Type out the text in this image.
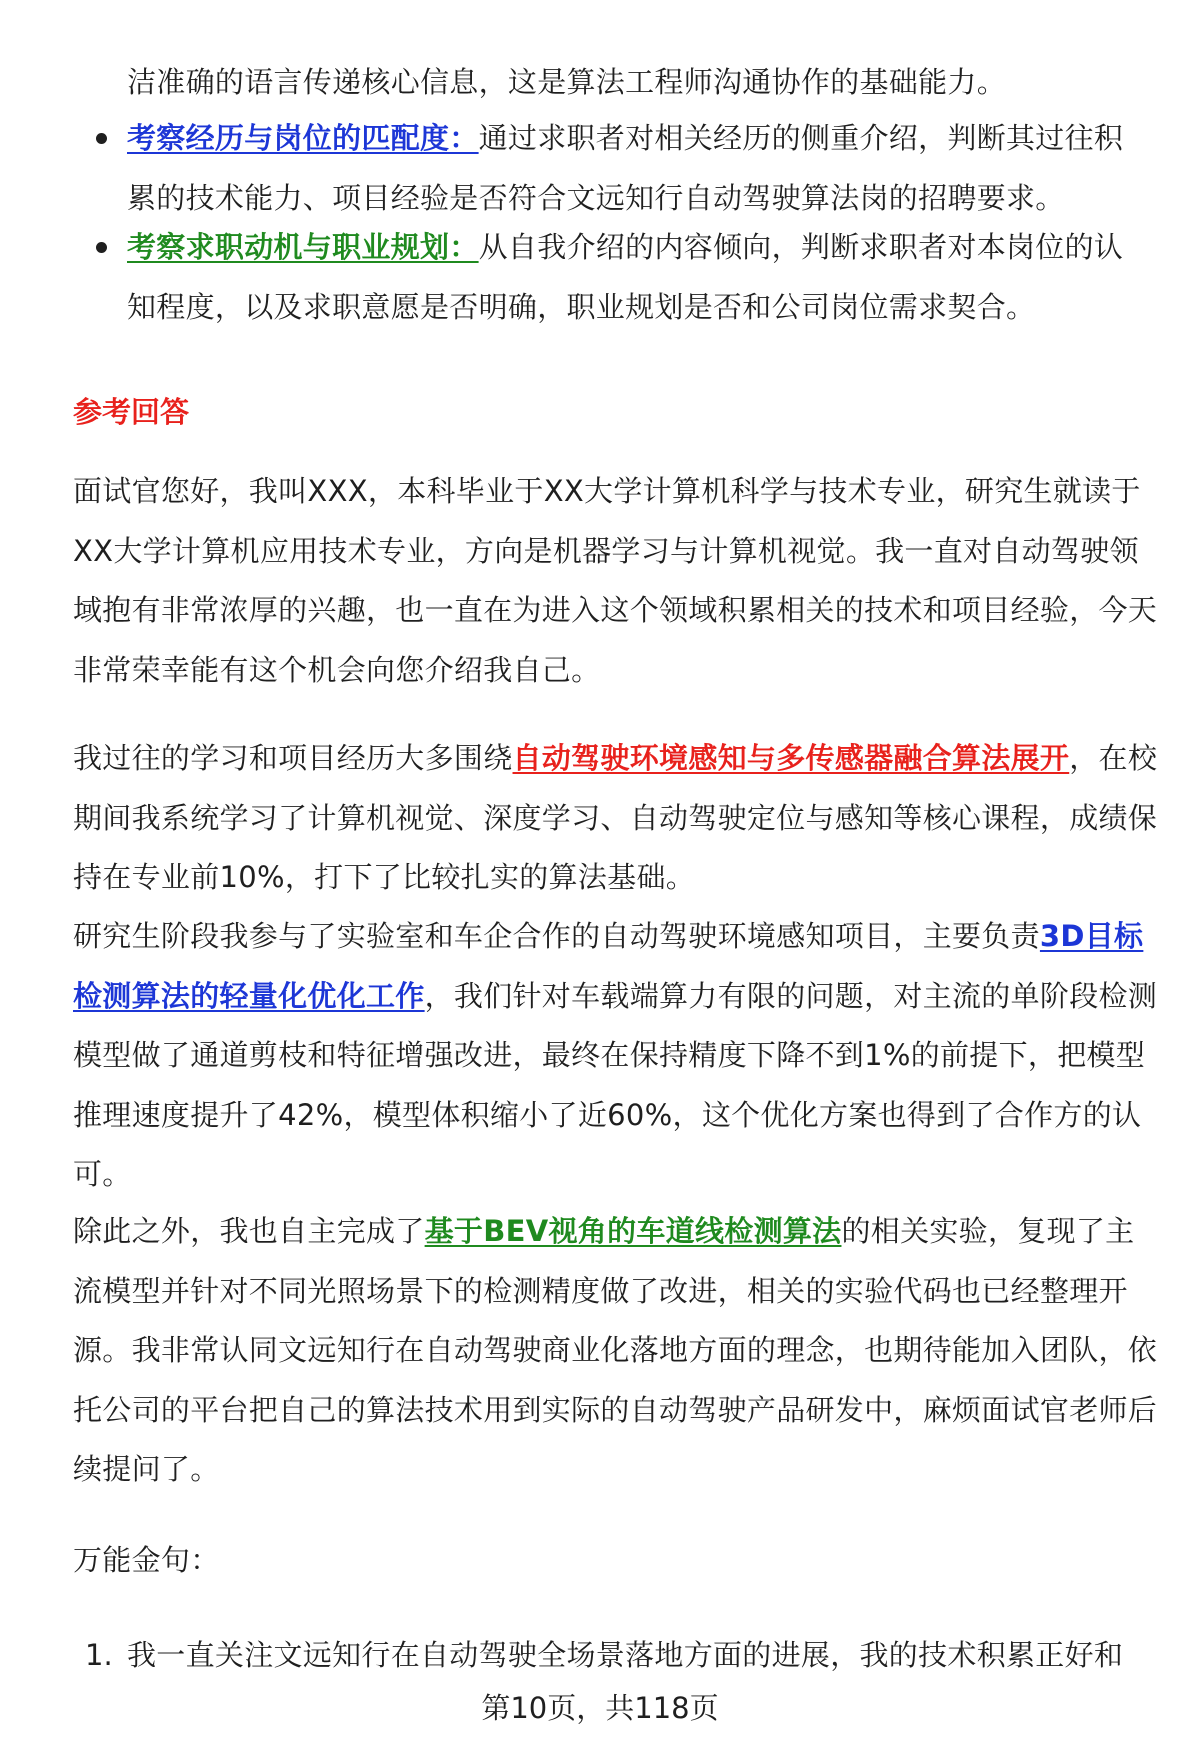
洁准确的语言传递核心信息，这是算法工程师沟通协作的基础能力。

考察经历与岗位的匹配度：通过求职者对相关经历的侧重介绍，判断其过往积累的技术能力、项目经验是否符合文远知行自动驾驶算法岗的招聘要求。
考察求职动机与职业规划：从自我介绍的内容倾向，判断求职者对本岗位的认知程度，以及求职意愿是否明确，职业规划是否和公司岗位需求契合。
参考回答

面试官您好，我叫XXX，本科毕业于XX大学计算机科学与技术专业，研究生就读于XX大学计算机应用技术专业，方向是机器学习与计算机视觉。我一直对自动驾驶领域抱有非常浓厚的兴趣，也一直在为进入这个领域积累相关的技术和项目经验，今天非常荣幸能有这个机会向您介绍我自己。

我过往的学习和项目经历大多围绕自动驾驶环境感知与多传感器融合算法展开，在校期间我系统学习了计算机视觉、深度学习、自动驾驶定位与感知等核心课程，成绩保持在专业前10%，打下了比较扎实的算法基础。

研究生阶段我参与了实验室和车企合作的自动驾驶环境感知项目，主要负责3D目标检测算法的轻量化优化工作，我们针对车载端算力有限的问题，对主流的单阶段检测模型做了通道剪枝和特征增强改进，最终在保持精度下降不到1%的前提下，把模型推理速度提升了42%，模型体积缩小了近60%，这个优化方案也得到了合作方的认可。

除此之外，我也自主完成了基于BEV视角的车道线检测算法的相关实验，复现了主流模型并针对不同光照场景下的检测精度做了改进，相关的实验代码也已经整理开源。我非常认同文远知行在自动驾驶商业化落地方面的理念，也期待能加入团队，依托公司的平台把自己的算法技术用到实际的自动驾驶产品研发中，麻烦面试官老师后续提问了。

万能金句：

1. 我一直关注文远知行在自动驾驶全场景落地方面的进展，我的技术积累正好和
第10页，共118页
